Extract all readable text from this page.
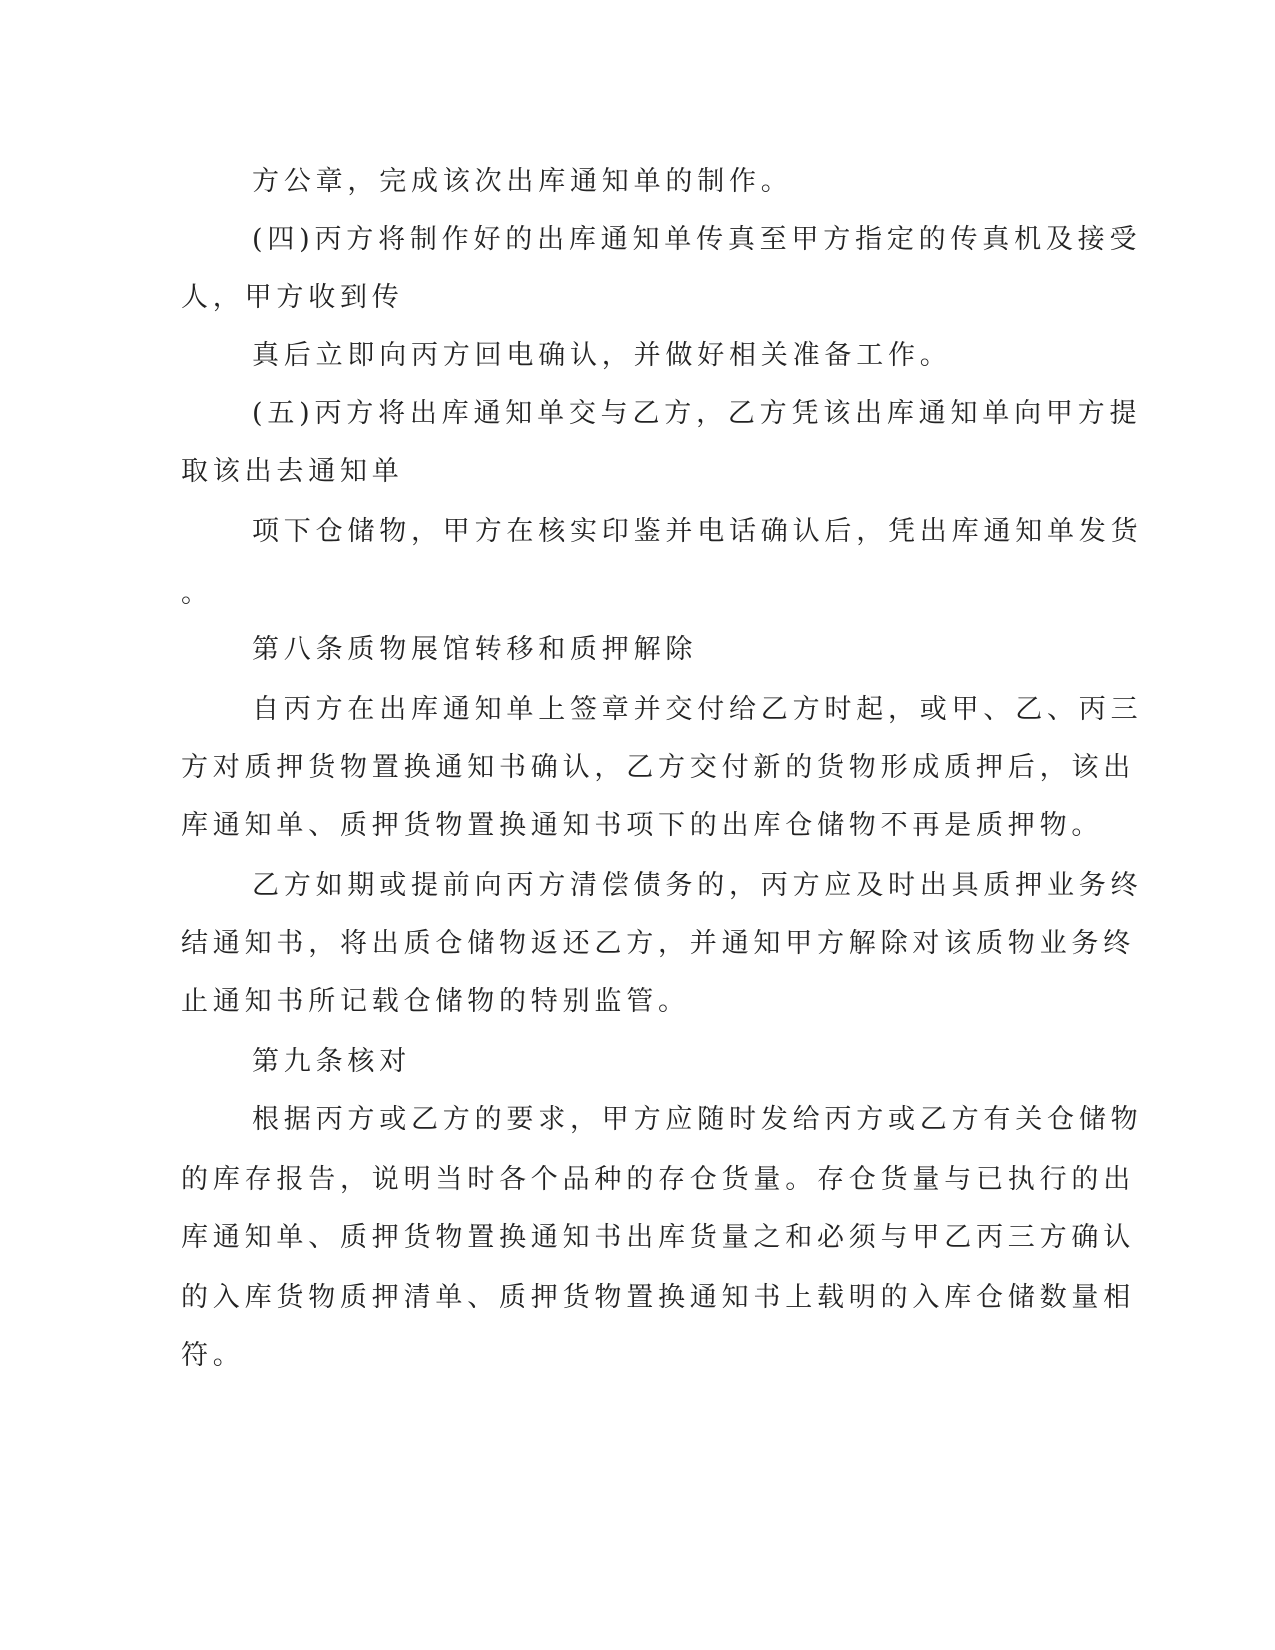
方公章，完成该次出库通知单的制作。

(四)丙方将制作好的出库通知单传真至甲方指定的传真机及接受

人，甲方收到传

真后立即向丙方回电确认，并做好相关准备工作。

(五)丙方将出库通知单交与乙方，乙方凭该出库通知单向甲方提

取该出去通知单

项下仓储物，甲方在核实印鉴并电话确认后，凭出库通知单发货

。

第八条质物展馆转移和质押解除

自丙方在出库通知单上签章并交付给乙方时起，或甲、乙、丙三

方对质押货物置换通知书确认，乙方交付新的货物形成质押后，该出

库通知单、质押货物置换通知书项下的出库仓储物不再是质押物。

乙方如期或提前向丙方清偿债务的，丙方应及时出具质押业务终

结通知书，将出质仓储物返还乙方，并通知甲方解除对该质物业务终

止通知书所记载仓储物的特别监管。

第九条核对

根据丙方或乙方的要求，甲方应随时发给丙方或乙方有关仓储物

的库存报告，说明当时各个品种的存仓货量。存仓货量与已执行的出

库通知单、质押货物置换通知书出库货量之和必须与甲乙丙三方确认

的入库货物质押清单、质押货物置换通知书上载明的入库仓储数量相

符。
